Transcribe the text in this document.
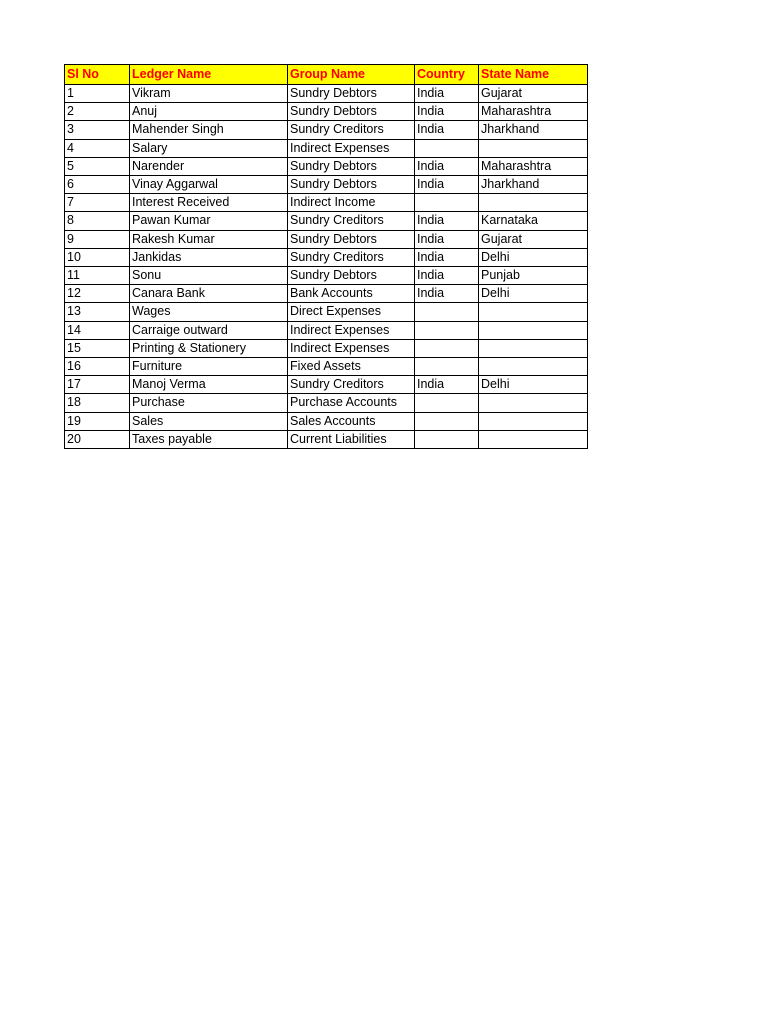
Sl No	Ledger Name	Group Name	Country	State Name
1	Vikram	Sundry Debtors	India	Gujarat
2	Anuj	Sundry Debtors	India	Maharashtra
3	Mahender Singh	Sundry Creditors	India	Jharkhand
4	Salary	Indirect Expenses		
5	Narender	Sundry Debtors	India	Maharashtra
6	Vinay Aggarwal	Sundry Debtors	India	Jharkhand
7	Interest Received	Indirect Income		
8	Pawan Kumar	Sundry Creditors	India	Karnataka
9	Rakesh Kumar	Sundry Debtors	India	Gujarat
10	Jankidas	Sundry Creditors	India	Delhi
11	Sonu	Sundry Debtors	India	Punjab
12	Canara Bank	Bank Accounts	India	Delhi
13	Wages	Direct Expenses		
14	Carraige outward	Indirect Expenses		
15	Printing & Stationery	Indirect Expenses		
16	Furniture	Fixed Assets		
17	Manoj Verma	Sundry Creditors	India	Delhi
18	Purchase	Purchase Accounts		
19	Sales	Sales Accounts		
20	Taxes payable	Current Liabilities		
